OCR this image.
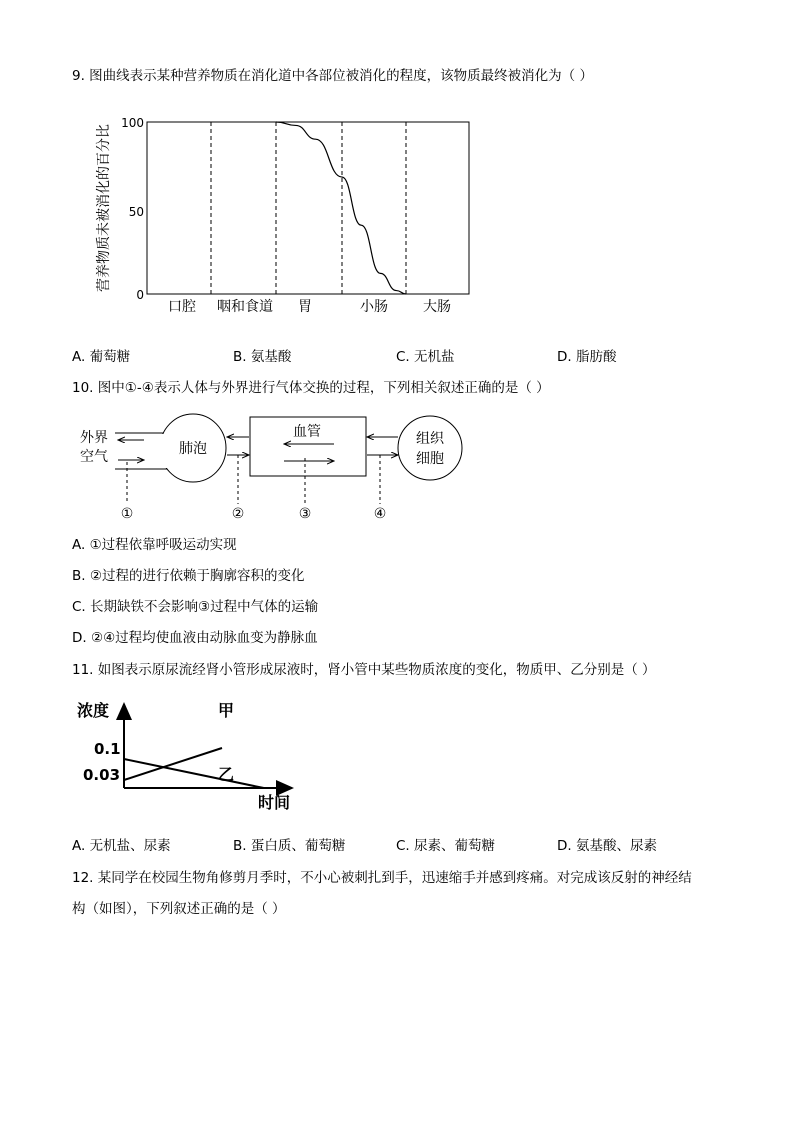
9. 图曲线表示某种营养物质在消化道中各部位被消化的程度，该物质最终被消化为（ ）
营养物质未被消化的百分比
100
50
0
口腔 咽和食道 胃	小肠	大肠
A. 葡萄糖	B. 氨基酸	C. 无机盐	D. 脂肪酸
10. 图中①-④表示人体与外界进行气体交换的过程，下列相关叙述正确的是（ ）
外界
空气	肺泡
血管	组织
细胞
①	②	③	④
A. ①过程依靠呼吸运动实现
B. ②过程的进行依赖于胸廓容积的变化
C. 长期缺铁不会影响③过程中气体的运输
D. ②④过程均使血液由动脉血变为静脉血
11. 如图表示原尿流经肾小管形成尿液时，肾小管中某些物质浓度的变化，物质甲、乙分别是（ ）
浓度
0.1
0.03
甲
乙
时间
A. 无机盐、尿素	B. 蛋白质、葡萄糖	C. 尿素、葡萄糖	D. 氨基酸、尿素
12. 某同学在校园生物角修剪月季时，不小心被刺扎到手，迅速缩手并感到疼痛。对完成该反射的神经结
构（如图），下列叙述正确的是（ ）
